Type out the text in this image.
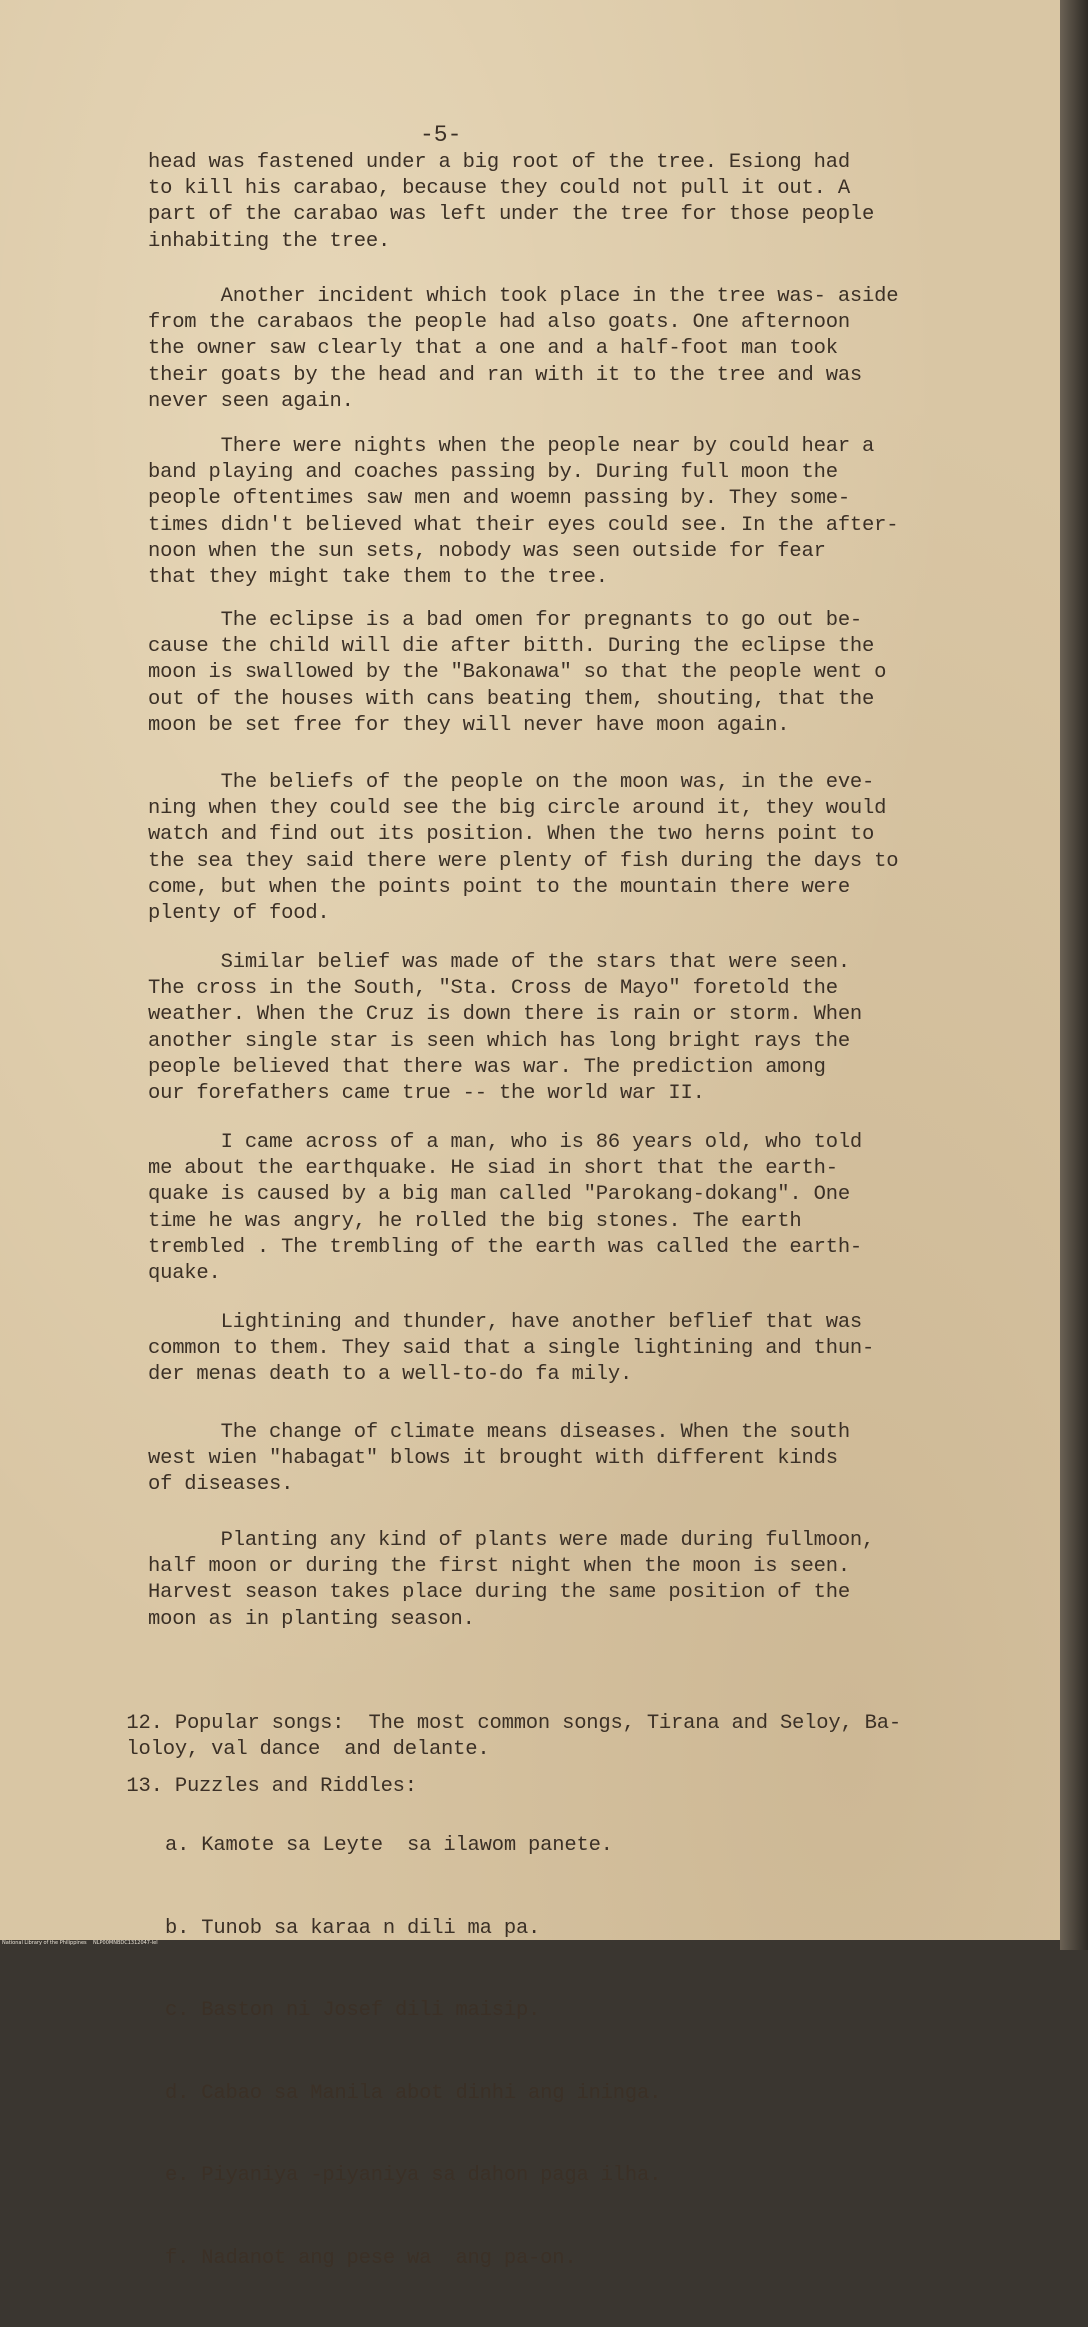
-5-

head was fastened under a big root of the tree. Esiong had
to kill his carabao, because they could not pull it out. A
part of the carabao was left under the tree for those people
inhabiting the tree.

Another incident which took place in the tree was- aside
from the carabaos the people had also goats. One afternoon
the owner saw clearly that a one and a half-foot man took
their goats by the head and ran with it to the tree and was
never seen again.

There were nights when the people near by could hear a
band playing and coaches passing by. During full moon the
people oftentimes saw men and woemn passing by. They some-
times didn't believed what their eyes could see. In the after-
noon when the sun sets, nobody was seen outside for fear
that they might take them to the tree.

The eclipse is a bad omen for pregnants to go out be-
cause the child will die after bitth. During the eclipse the
moon is swallowed by the "Bakonawa" so that the people went o
out of the houses with cans beating them, shouting, that the
moon be set free for they will never have moon again.

The beliefs of the people on the moon was, in the eve-
ning when they could see the big circle around it, they would
watch and find out its position. When the two herns point to
the sea they said there were plenty of fish during the days to
come, but when the points point to the mountain there were
plenty of food.

Similar belief was made of the stars that were seen.
The cross in the South, "Sta. Cross de Mayo" foretold the
weather. When the Cruz is down there is rain or storm. When
another single star is seen which has long bright rays the
people believed that there was war. The prediction among
our forefathers came true -- the world war II.

I came across of a man, who is 86 years old, who told
me about the earthquake. He siad in short that the earth-
quake is caused by a big man called "Parokang-dokang". One
time he was angry, he rolled the big stones. The earth
trembled . The trembling of the earth was called the earth-
quake.

Lightining and thunder, have another beflief that was
common to them. They said that a single lightining and thun-
der menas death to a well-to-do fa mily.

The change of climate means diseases. When the south
west wien "habagat" blows it brought with different kinds
of diseases.

Planting any kind of plants were made during fullmoon,
half moon or during the first night when the moon is seen.
Harvest season takes place during the same position of the
moon as in planting season.

12. Popular songs:  The most common songs, Tirana and Seloy, Ba-
loloy, val dance  and delante.

13. Puzzles and Riddles:

a. Kamote sa Leyte  sa ilawom panete.

b. Tunob sa karaa n dili ma pa.

c. Baston ni Josef dili maisip.

d. Cabao sa Manila abot dinhi ang ininga.

e. Piyaniya -piyaniya sa dahon paga ilha.

f. Nadanot ang pese wa  ang pa-on.

National Library of the Philippines    NLP00MNBDC1312047-lel
